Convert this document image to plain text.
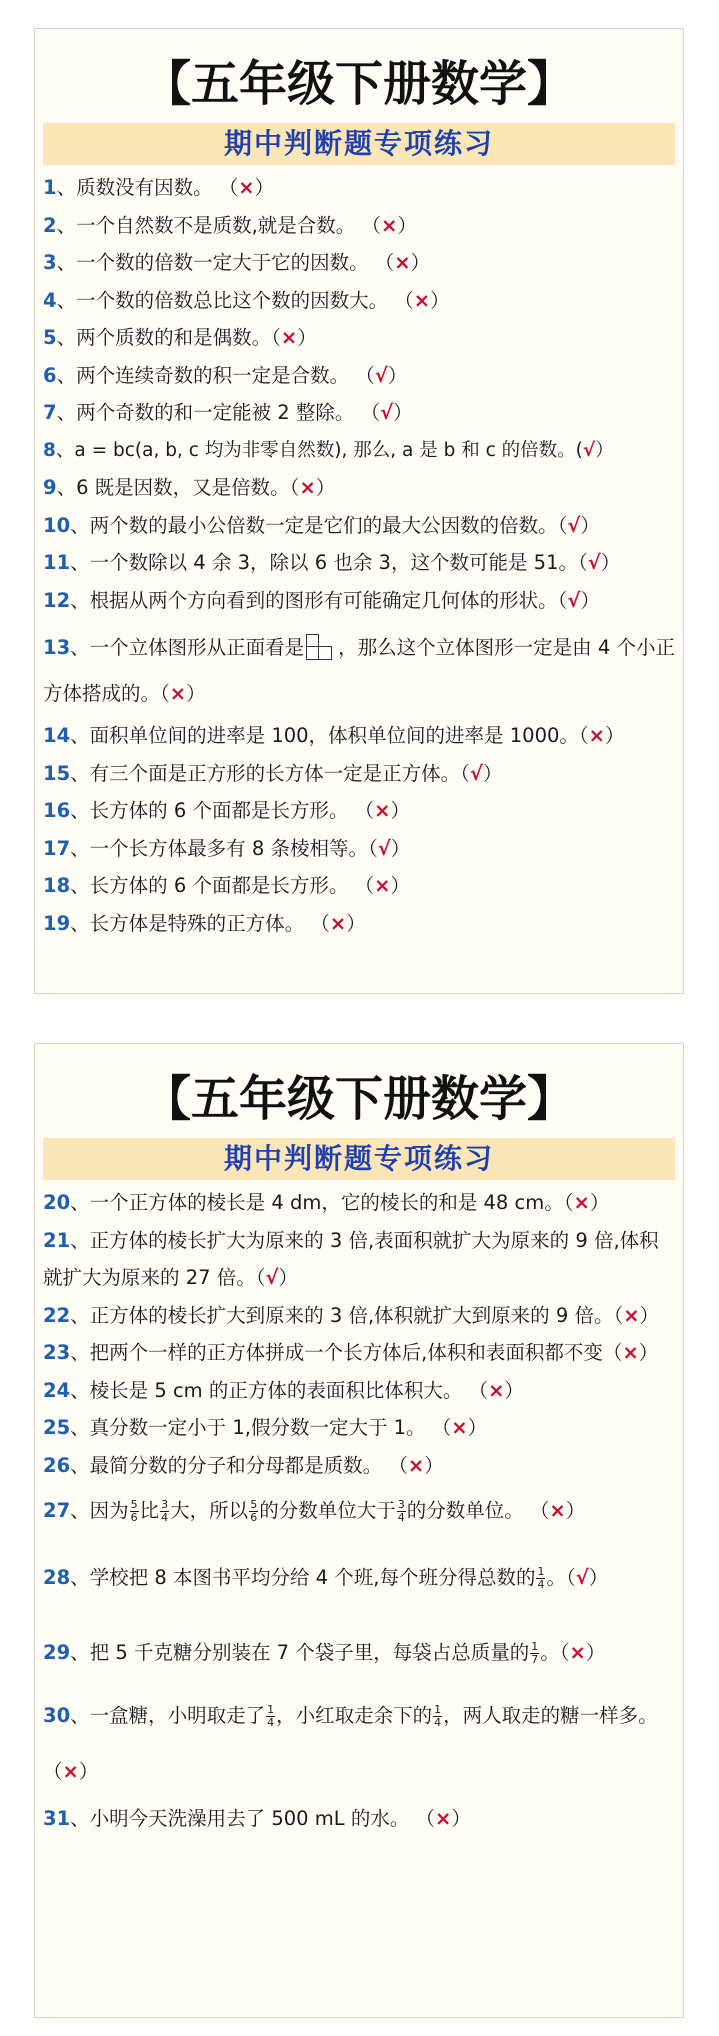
【五年级下册数学】
期中判断题专项练习
1、质数没有因数。 （×）
2、一个自然数不是质数,就是合数。 （×）
3、一个数的倍数一定大于它的因数。 （×）
4、一个数的倍数总比这个数的因数大。 （×）
5、两个质数的和是偶数。（×）
6、两个连续奇数的积一定是合数。 （√）
7、两个奇数的和一定能被 2 整除。 （√）
8、a = bc(a, b, c 均为非零自然数), 那么, a 是 b 和 c 的倍数。(√）
9、6 既是因数，又是倍数。（×）
10、两个数的最小公倍数一定是它们的最大公因数的倍数。（√）
11、一个数除以 4 余 3，除以 6 也余 3，这个数可能是 51。（√）
12、根据从两个方向看到的图形有可能确定几何体的形状。（√）
13、一个立体图形从正面看是 ，那么这个立体图形一定是由 4 个小正方体搭成的。（×）
14、面积单位间的进率是 100，体积单位间的进率是 1000。（×）
15、有三个面是正方形的长方体一定是正方体。（√）
16、长方体的 6 个面都是长方形。 （×）
17、一个长方体最多有 8 条棱相等。（√）
18、长方体的 6 个面都是长方形。 （×）
19、长方体是特殊的正方体。 （×）
【五年级下册数学】
期中判断题专项练习
20、一个正方体的棱长是 4 dm，它的棱长的和是 48 cm。（×）
21、正方体的棱长扩大为原来的 3 倍,表面积就扩大为原来的 9 倍,体积就扩大为原来的 27 倍。（√）
22、正方体的棱长扩大到原来的 3 倍,体积就扩大到原来的 9 倍。（×）
23、把两个一样的正方体拼成一个长方体后,体积和表面积都不变（×）
24、棱长是 5 cm 的正方体的表面积比体积大。 （×）
25、真分数一定小于 1,假分数一定大于 1。 （×）
26、最简分数的分子和分母都是质数。 （×）
27、因为 $\frac{5}{6}$ 比 $\frac{3}{4}$ 大，所以 $\frac{5}{6}$ 的分数单位大于 $\frac{3}{4}$ 的分数单位。 （×）
28、学校把 8 本图书平均分给 4 个班,每个班分得总数的 $\frac{1}{4}$ 。（√）
29、把 5 千克糖分别装在 7 个袋子里，每袋占总质量的 $\frac{1}{7}$ 。（×）
30、一盒糖，小明取走了 $\frac{1}{4}$ ，小红取走余下的 $\frac{1}{4}$ ，两人取走的糖一样多。（×）
31、小明今天洗澡用去了 500 mL 的水。 （×）
